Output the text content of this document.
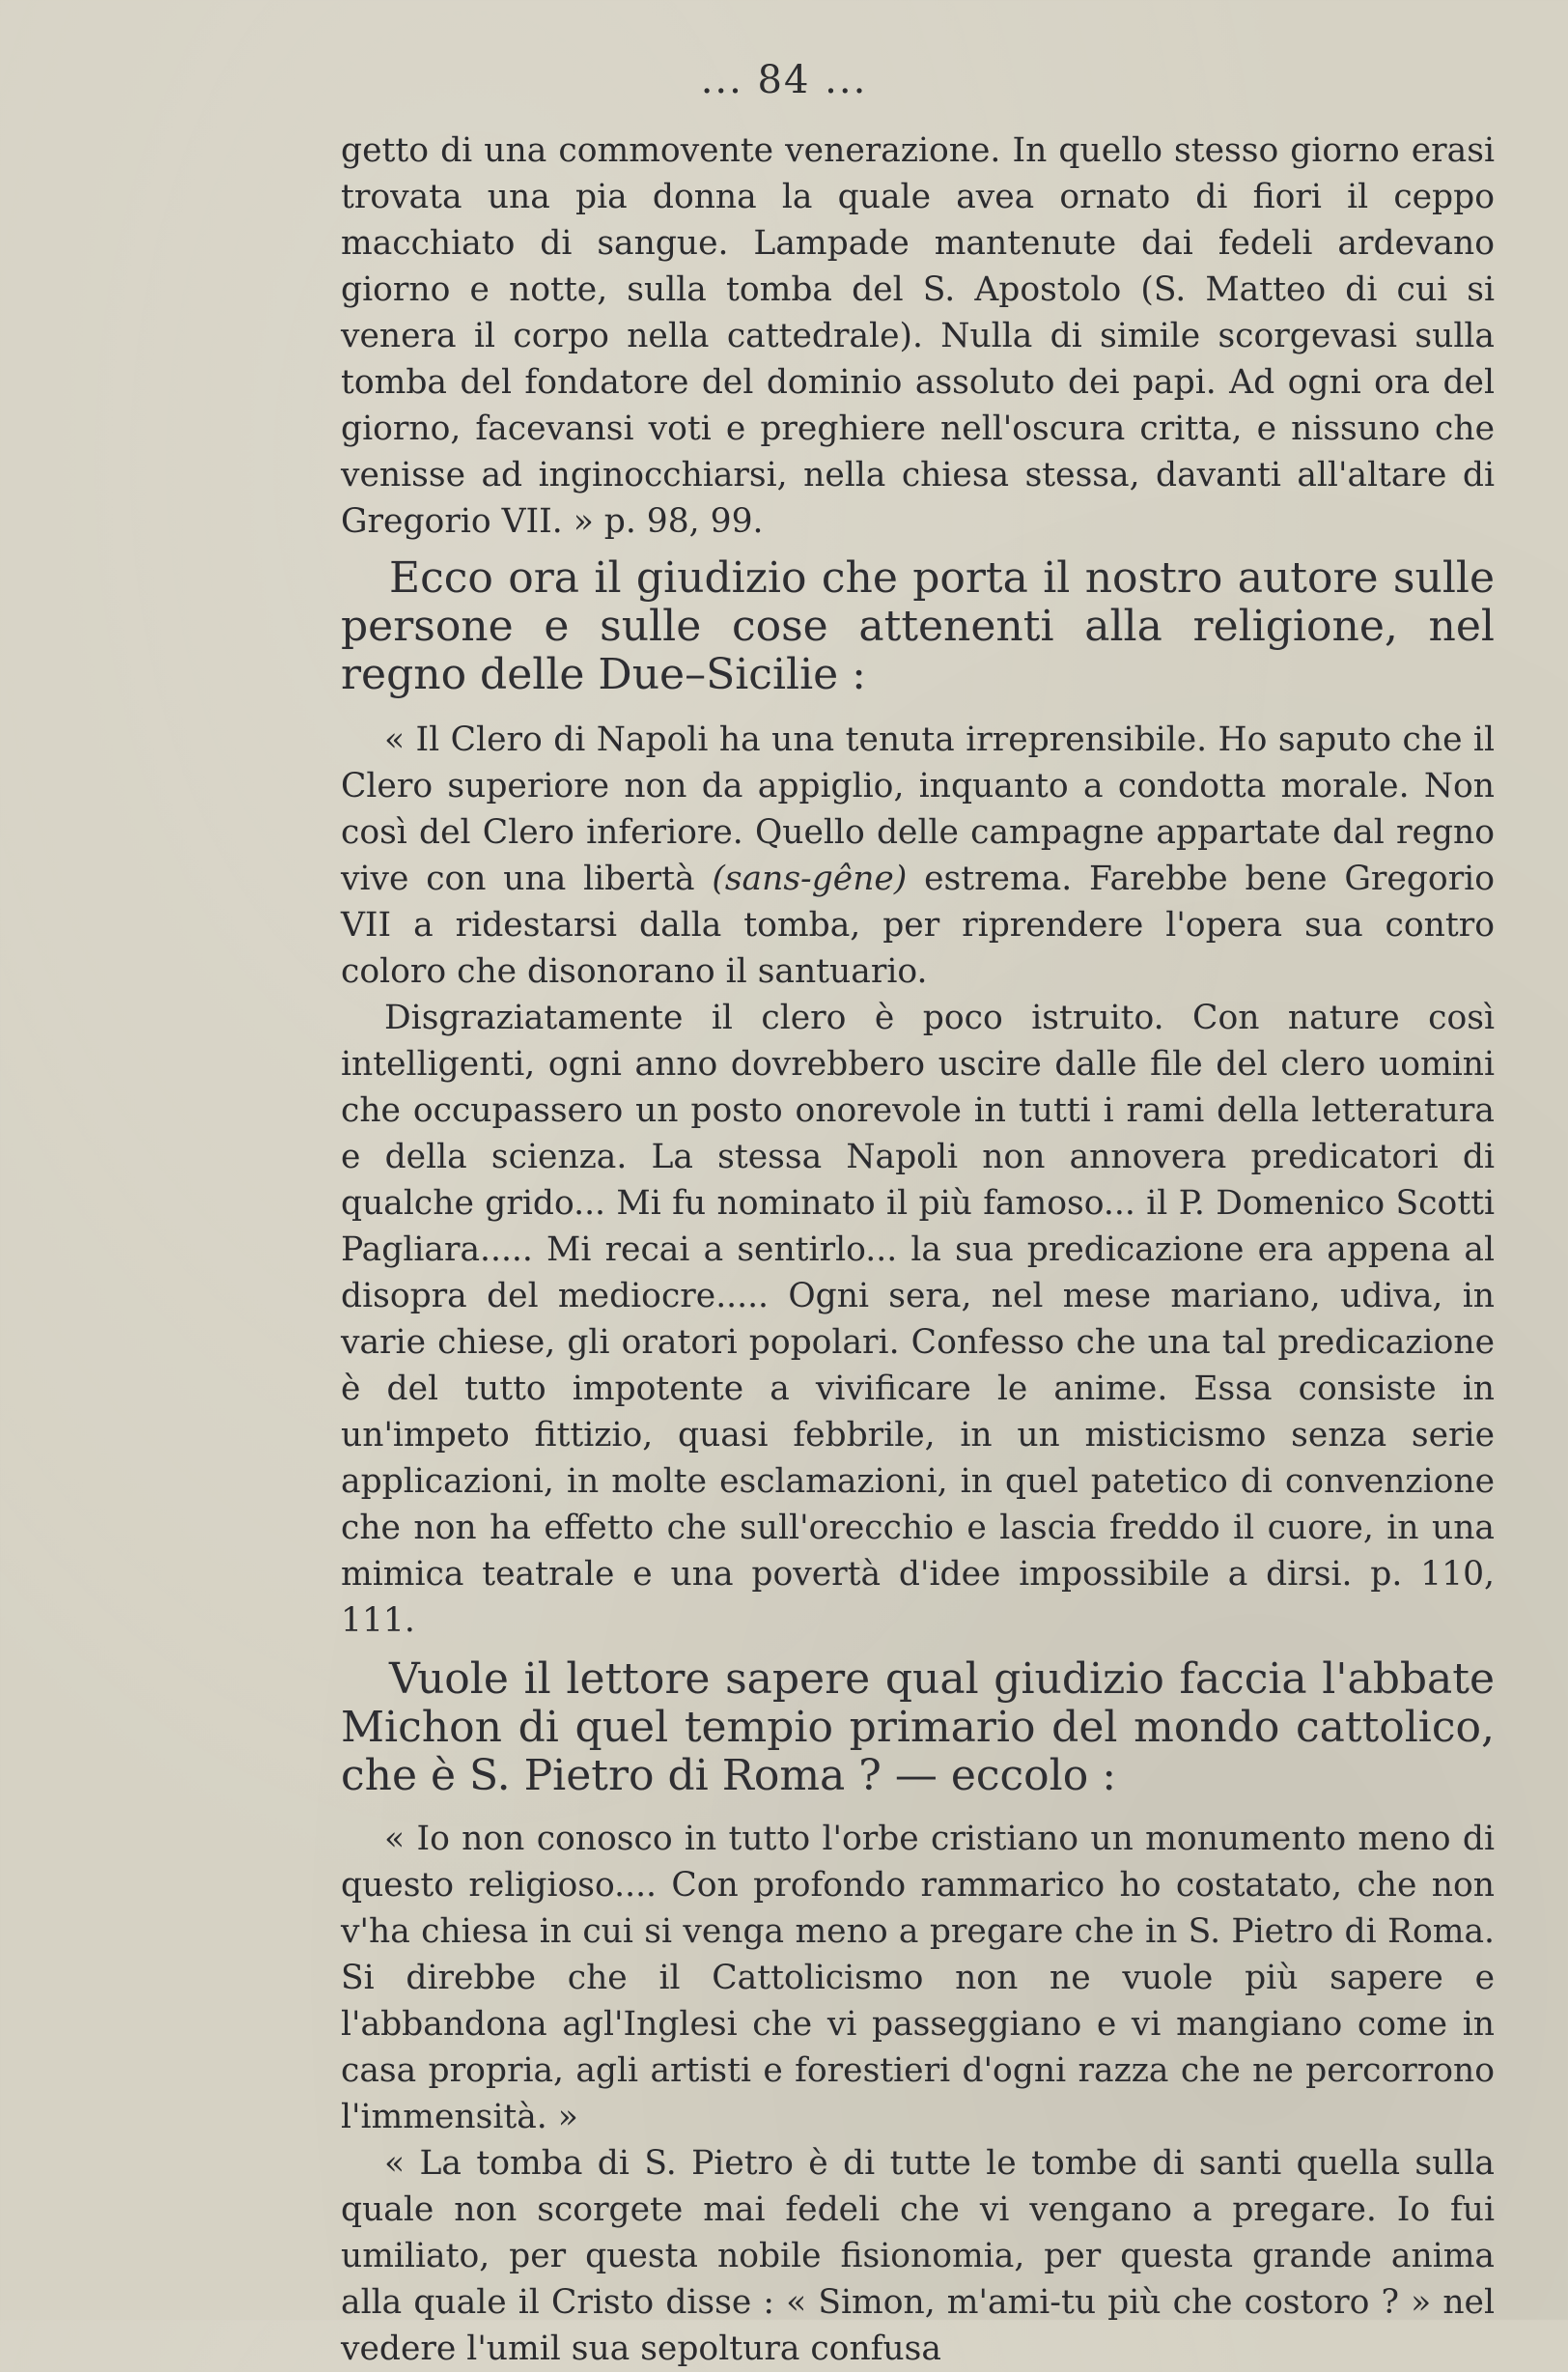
... 84 ...

getto di una commovente venerazione. In quello stesso giorno erasi trovata una pia donna la quale avea ornato di fiori il ceppo macchiato di sangue. Lampade mantenute dai fedeli ardevano giorno e notte, sulla tomba del S. Apostolo (S. Matteo di cui si venera il corpo nella cattedrale). Nulla di simile scorgevasi sulla tomba del fondatore del dominio assoluto dei papi. Ad ogni ora del giorno, facevansi voti e preghiere nell'oscura critta, e nissuno che venisse ad inginocchiarsi, nella chiesa stessa, davanti all'altare di Gregorio VII. » p. 98, 99.

Ecco ora il giudizio che porta il nostro autore sulle persone e sulle cose attenenti alla religione, nel regno delle Due–Sicilie :

« Il Clero di Napoli ha una tenuta irreprensibile. Ho saputo che il Clero superiore non da appiglio, inquanto a condotta morale. Non così del Clero inferiore. Quello delle campagne appartate dal regno vive con una libertà (sans-gêne) estrema. Farebbe bene Gregorio VII a ridestarsi dalla tomba, per riprendere l'opera sua contro coloro che disonorano il santuario.

Disgraziatamente il clero è poco istruito. Con nature così intelligenti, ogni anno dovrebbero uscire dalle file del clero uomini che occupassero un posto onorevole in tutti i rami della letteratura e della scienza. La stessa Napoli non annovera predicatori di qualche grido... Mi fu nominato il più famoso... il P. Domenico Scotti Pagliara..... Mi recai a sentirlo... la sua predicazione era appena al disopra del mediocre..... Ogni sera, nel mese mariano, udiva, in varie chiese, gli oratori popolari. Confesso che una tal predicazione è del tutto impotente a vivificare le anime. Essa consiste in un'impeto fittizio, quasi febbrile, in un misticismo senza serie applicazioni, in molte esclamazioni, in quel patetico di convenzione che non ha effetto che sull'orecchio e lascia freddo il cuore, in una mimica teatrale e una povertà d'idee impossibile a dirsi. p. 110, 111.

Vuole il lettore sapere qual giudizio faccia l'abbate Michon di quel tempio primario del mondo cattolico, che è S. Pietro di Roma ? — eccolo :

« Io non conosco in tutto l'orbe cristiano un monumento meno di questo religioso.... Con profondo rammarico ho costatato, che non v'ha chiesa in cui si venga meno a pregare che in S. Pietro di Roma. Si direbbe che il Cattolicismo non ne vuole più sapere e l'abbandona agl'Inglesi che vi passeggiano e vi mangiano come in casa propria, agli artisti e forestieri d'ogni razza che ne percorrono l'immensità. »

« La tomba di S. Pietro è di tutte le tombe di santi quella sulla quale non scorgete mai fedeli che vi vengano a pregare. Io fui umiliato, per questa nobile fisionomia, per questa grande anima alla quale il Cristo disse : « Simon, m'ami-tu più che costoro ? » nel vedere l'umil sua sepoltura confusa
